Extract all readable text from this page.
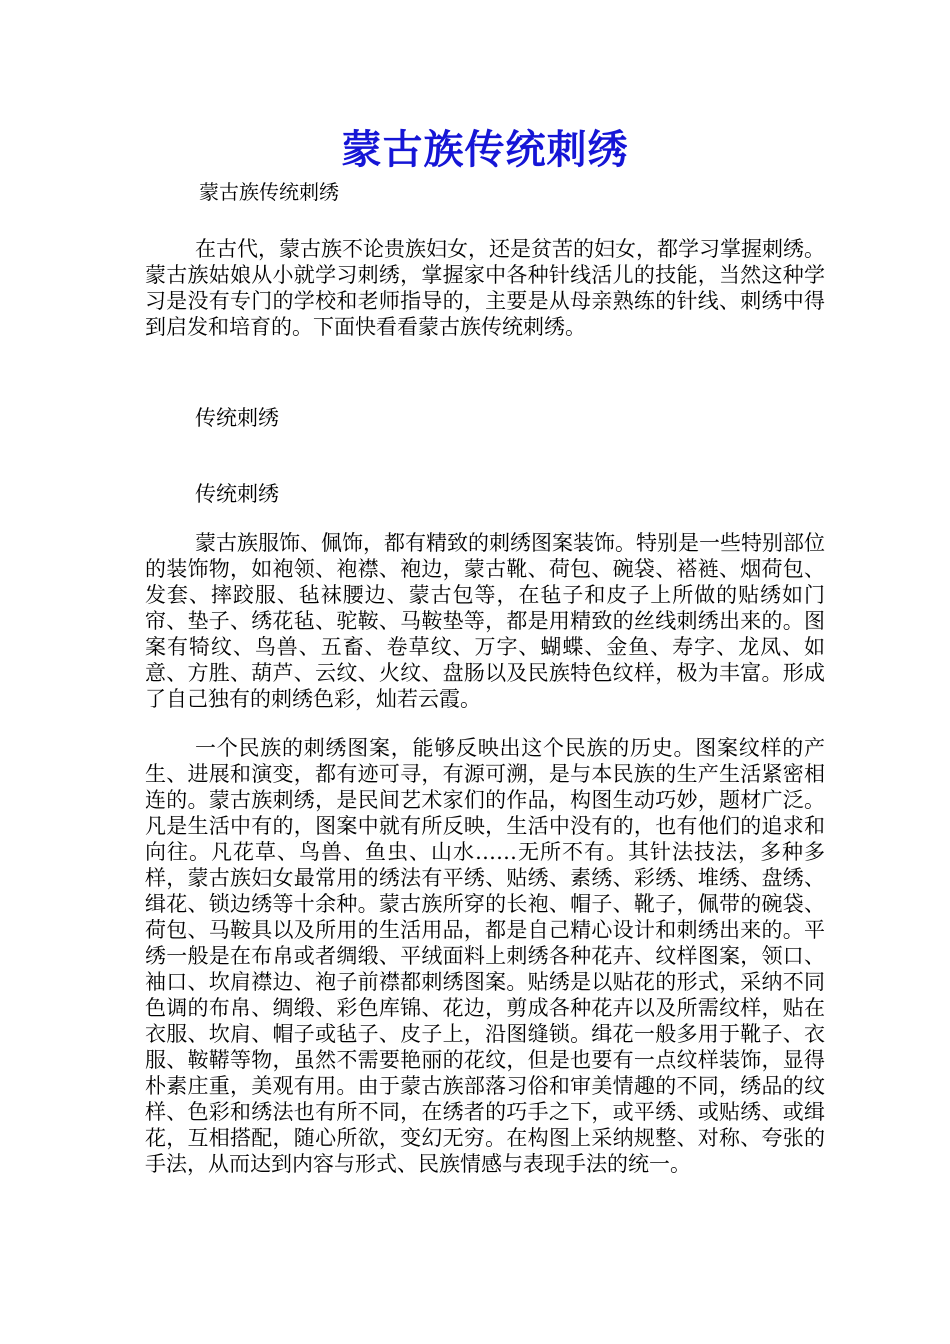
蒙古族传统刺绣

蒙古族传统刺绣

在古代，蒙古族不论贵族妇女，还是贫苦的妇女，都学习掌握刺绣。蒙古族姑娘从小就学习刺绣，掌握家中各种针线活儿的技能，当然这种学习是没有专门的学校和老师指导的，主要是从母亲熟练的针线、刺绣中得到启发和培育的。下面快看看蒙古族传统刺绣。

传统刺绣

传统刺绣

蒙古族服饰、佩饰，都有精致的刺绣图案装饰。特别是一些特别部位的装饰物，如袍领、袍襟、袍边，蒙古靴、荷包、碗袋、褡裢、烟荷包、发套、摔跤服、毡袜腰边、蒙古包等，在毡子和皮子上所做的贴绣如门帘、垫子、绣花毡、驼鞍、马鞍垫等，都是用精致的丝线刺绣出来的。图案有犄纹、鸟兽、五畜、卷草纹、万字、蝴蝶、金鱼、寿字、龙凤、如意、方胜、葫芦、云纹、火纹、盘肠以及民族特色纹样，极为丰富。形成了自己独有的刺绣色彩，灿若云霞。

一个民族的刺绣图案，能够反映出这个民族的历史。图案纹样的产生、进展和演变，都有迹可寻，有源可溯，是与本民族的生产生活紧密相连的。蒙古族刺绣，是民间艺术家们的作品，构图生动巧妙，题材广泛。凡是生活中有的，图案中就有所反映，生活中没有的，也有他们的追求和向往。凡花草、鸟兽、鱼虫、山水……无所不有。其针法技法，多种多样，蒙古族妇女最常用的绣法有平绣、贴绣、素绣、彩绣、堆绣、盘绣、缉花、锁边绣等十余种。蒙古族所穿的长袍、帽子、靴子，佩带的碗袋、荷包、马鞍具以及所用的生活用品，都是自己精心设计和刺绣出来的。平绣一般是在布帛或者绸缎、平绒面料上刺绣各种花卉、纹样图案，领口、袖口、坎肩襟边、袍子前襟都刺绣图案。贴绣是以贴花的形式，采纳不同色调的布帛、绸缎、彩色库锦、花边，剪成各种花卉以及所需纹样，贴在衣服、坎肩、帽子或毡子、皮子上，沿图缝锁。缉花一般多用于靴子、衣服、鞍鞯等物，虽然不需要艳丽的花纹，但是也要有一点纹样装饰，显得朴素庄重，美观有用。由于蒙古族部落习俗和审美情趣的不同，绣品的纹样、色彩和绣法也有所不同，在绣者的巧手之下，或平绣、或贴绣、或缉花，互相搭配，随心所欲，变幻无穷。在构图上采纳规整、对称、夸张的手法，从而达到内容与形式、民族情感与表现手法的统一。
